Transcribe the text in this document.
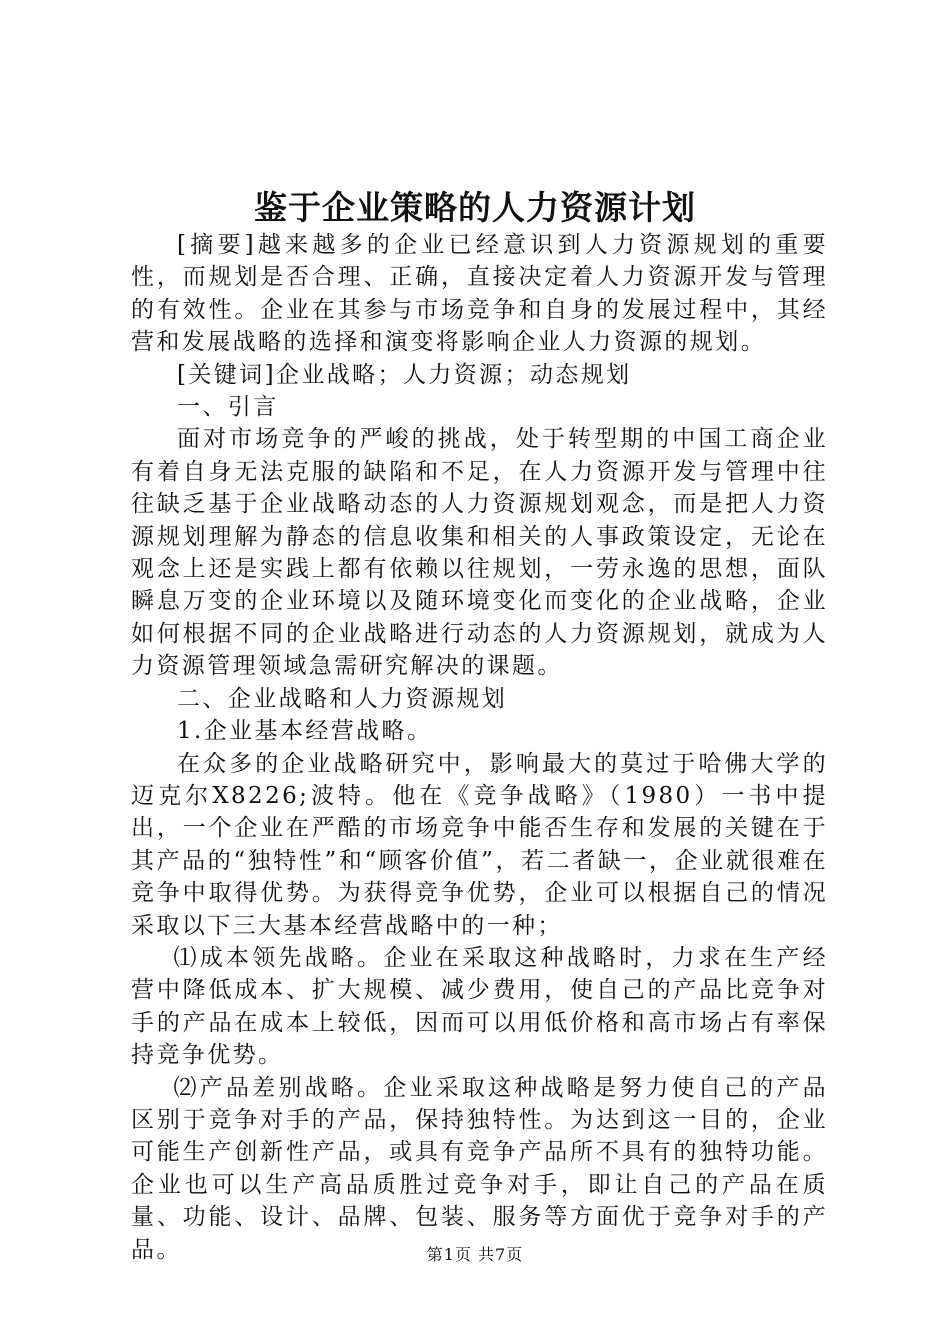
鉴于企业策略的人力资源计划

[摘要]越来越多的企业已经意识到人力资源规划的重要性，而规划是否合理、正确，直接决定着人力资源开发与管理的有效性。企业在其参与市场竞争和自身的发展过程中，其经营和发展战略的选择和演变将影响企业人力资源的规划。

[关键词]企业战略；人力资源；动态规划

一、引言

面对市场竞争的严峻的挑战，处于转型期的中国工商企业有着自身无法克服的缺陷和不足，在人力资源开发与管理中往往缺乏基于企业战略动态的人力资源规划观念，而是把人力资源规划理解为静态的信息收集和相关的人事政策设定，无论在观念上还是实践上都有依赖以往规划，一劳永逸的思想，面队瞬息万变的企业环境以及随环境变化而变化的企业战略，企业如何根据不同的企业战略进行动态的人力资源规划，就成为人力资源管理领域急需研究解决的课题。

二、企业战略和人力资源规划

1.企业基本经营战略。

在众多的企业战略研究中，影响最大的莫过于哈佛大学的迈克尔X8226;波特。他在《竞争战略》（1980）一书中提出，一个企业在严酷的市场竞争中能否生存和发展的关键在于其产品的“独特性”和“顾客价值”，若二者缺一，企业就很难在竞争中取得优势。为获得竞争优势，企业可以根据自己的情况采取以下三大基本经营战略中的一种；

⑴成本领先战略。企业在采取这种战略时，力求在生产经营中降低成本、扩大规模、减少费用，使自己的产品比竞争对手的产品在成本上较低，因而可以用低价格和高市场占有率保持竞争优势。

⑵产品差别战略。企业采取这种战略是努力使自己的产品区别于竞争对手的产品，保持独特性。为达到这一目的，企业可能生产创新性产品，或具有竞争产品所不具有的独特功能。企业也可以生产高品质胜过竞争对手，即让自己的产品在质量、功能、设计、品牌、包装、服务等方面优于竞争对手的产品。	第1页 共7页
